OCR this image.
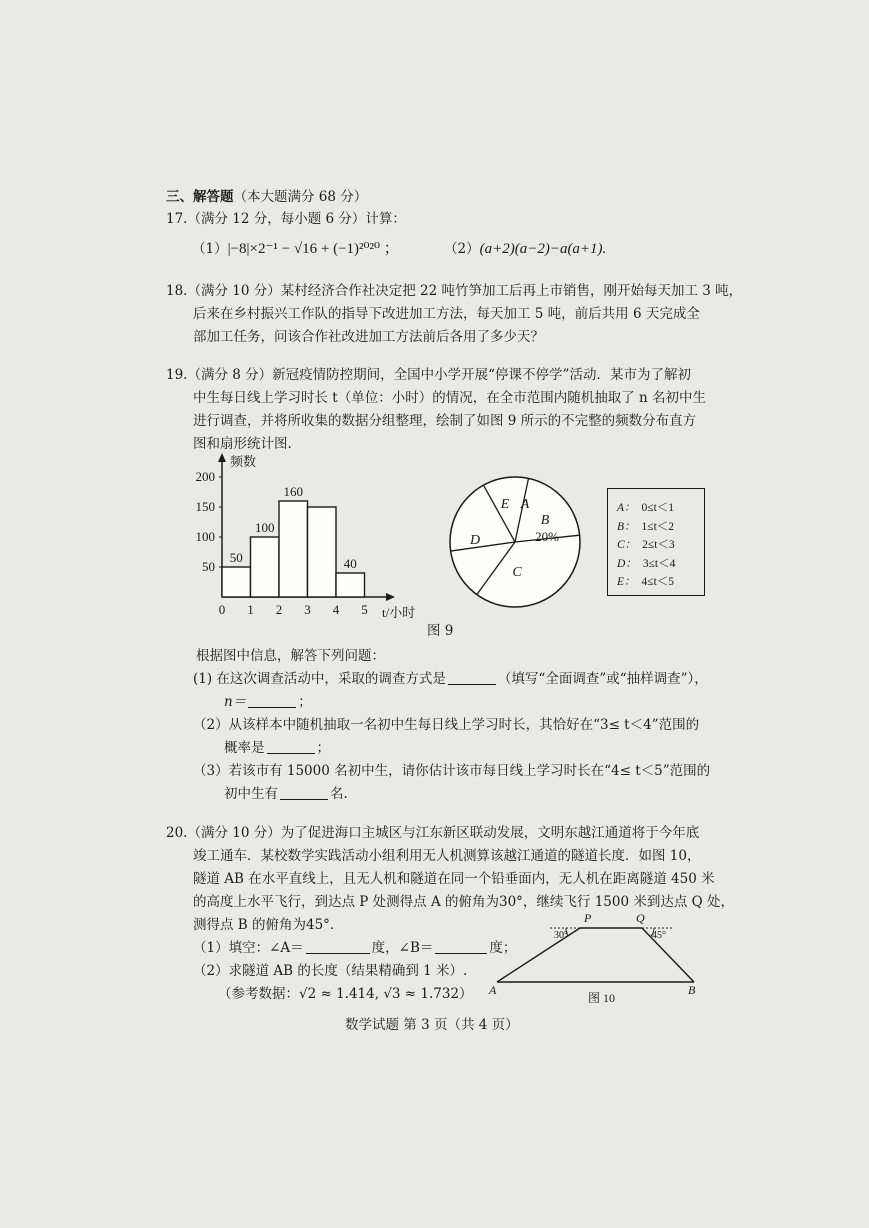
三、解答题（本大题满分 68 分）
17.（满分 12 分，每小题 6 分）计算：
（1）|−8|×2⁻¹ − √16 + (−1)²⁰²⁰ ；	（2）(a+2)(a−2)−a(a+1).
18.（满分 10 分）某村经济合作社决定把 22 吨竹笋加工后再上市销售，刚开始每天加工 3 吨，
后来在乡村振兴工作队的指导下改进加工方法，每天加工 5 吨，前后共用 6 天完成全
部加工任务，问该合作社改进加工方法前后各用了多少天？
19.（满分 8 分）新冠疫情防控期间，全国中小学开展“停课不停学”活动．某市为了解初
中生每日线上学习时长 t（单位：小时）的情况，在全市范围内随机抽取了 n 名初中生
进行调查，并将所收集的数据分组整理，绘制了如图 9 所示的不完整的频数分布直方
图和扇形统计图.
50
100
150
200
0 1 2 3 4 5
50
100
160
40
频数
t/小时
A
B
C
D
E
20%
A： 0≤t＜1
B： 1≤t＜2
C： 2≤t＜3
D： 3≤t＜4
E： 4≤t＜5
图 9
根据图中信息，解答下列问题：
(1) 在这次调查活动中，采取的调查方式是	（填写“全面调查”或“抽样调查”），
n＝	；
（2）从该样本中随机抽取一名初中生每日线上学习时长，其恰好在“3≤ t＜4”范围的
概率是	；
（3）若该市有 15000 名初中生，请你估计该市每日线上学习时长在“4≤ t＜5”范围的
初中生有	名.
20.（满分 10 分）为了促进海口主城区与江东新区联动发展，文明东越江通道将于今年底
竣工通车．某校数学实践活动小组利用无人机测算该越江通道的隧道长度．如图 10，
隧道 AB 在水平直线上，且无人机和隧道在同一个铅垂面内，无人机在距离隧道 450 米
的高度上水平飞行，到达点 P 处测得点 A 的俯角为30°，继续飞行 1500 米到达点 Q 处，
测得点 B 的俯角为45°．
（1）填空：∠A＝	度，∠B＝	度；
（2）求隧道 AB 的长度（结果精确到 1 米）.
（参考数据：√2 ≈ 1.414, √3 ≈ 1.732）
P	Q
30°	45°
A	B
图 10
数学试题 第 3 页（共 4 页）
